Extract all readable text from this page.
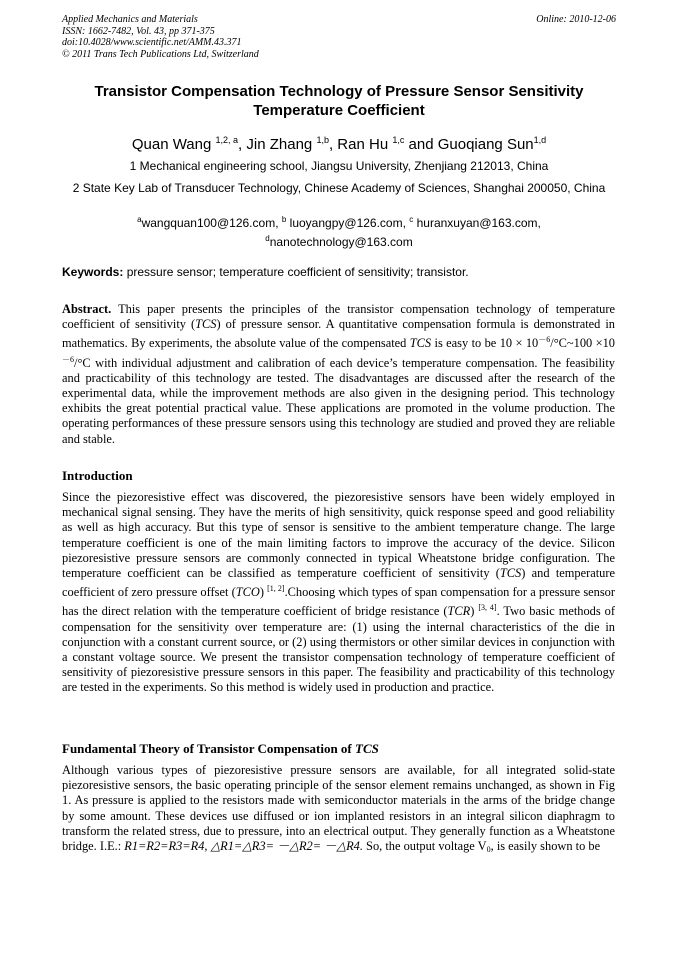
Applied Mechanics and Materials
ISSN: 1662-7482, Vol. 43, pp 371-375
doi:10.4028/www.scientific.net/AMM.43.371
© 2011 Trans Tech Publications Ltd, Switzerland
Online: 2010-12-06
Transistor Compensation Technology of Pressure Sensor Sensitivity Temperature Coefficient
Quan Wang $^{1,2, a}$, Jin Zhang $^{1,b}$, Ran Hu $^{1,c}$ and Guoqiang Sun$^{1,d}$
1 Mechanical engineering school, Jiangsu University, Zhenjiang 212013, China
2 State Key Lab of Transducer Technology, Chinese Academy of Sciences, Shanghai 200050, China
$^a$wangquan100@126.com, $^b$ luoyangpy@126.com, $^c$ huranxuyan@163.com,
$^d$nanotechnology@163.com
Keywords: pressure sensor; temperature coefficient of sensitivity; transistor.
Abstract. This paper presents the principles of the transistor compensation technology of temperature coefficient of sensitivity (TCS) of pressure sensor. A quantitative compensation formula is demonstrated in mathematics. By experiments, the absolute value of the compensated TCS is easy to be $10 \times 10^{-6}/^\circ C\sim 100 \times 10^{-6}/^\circ C$ with individual adjustment and calibration of each device’s temperature compensation. The feasibility and practicability of this technology are tested. The disadvantages are discussed after the research of the experimental data, while the improvement methods are also given in the designing period. This technology exhibits the great potential practical value. These applications are promoted in the volume production. The operating performances of these pressure sensors using this technology are studied and proved they are reliable and stable.
Introduction
Since the piezoresistive effect was discovered, the piezoresistive sensors have been widely employed in mechanical signal sensing. They have the merits of high sensitivity, quick response speed and good reliability as well as high accuracy. But this type of sensor is sensitive to the ambient temperature change. The large temperature coefficient is one of the main limiting factors to improve the accuracy of the device. Silicon piezoresistive pressure sensors are commonly connected in typical Wheatstone bridge configuration. The temperature coefficient can be classified as temperature coefficient of sensitivity (TCS) and temperature coefficient of zero pressure offset (TCO) [1, 2].Choosing which types of span compensation for a pressure sensor has the direct relation with the temperature coefficient of bridge resistance (TCR) [3, 4]. Two basic methods of compensation for the sensitivity over temperature are: (1) using the internal characteristics of the die in conjunction with a constant current source, or (2) using thermistors or other similar devices in conjunction with a constant voltage source. We present the transistor compensation technology of temperature coefficient of sensitivity of piezoresistive pressure sensors in this paper. The feasibility and practicability of this technology are tested in the experiments. So this method is widely used in production and practice.
Fundamental Theory of Transistor Compensation of TCS
Although various types of piezoresistive pressure sensors are available, for all integrated solid-state piezoresistive sensors, the basic operating principle of the sensor element remains unchanged, as shown in Fig 1. As pressure is applied to the resistors made with semiconductor materials in the arms of the bridge change by some amount. These devices use diffused or ion implanted resistors in an integral silicon diaphragm to transform the related stress, due to pressure, into an electrical output. They generally function as a Wheatstone bridge. I.E.: R1=R2=R3=R4, △R1=△R3= －△R2= －△R4. So, the output voltage $V_0$, is easily shown to be
